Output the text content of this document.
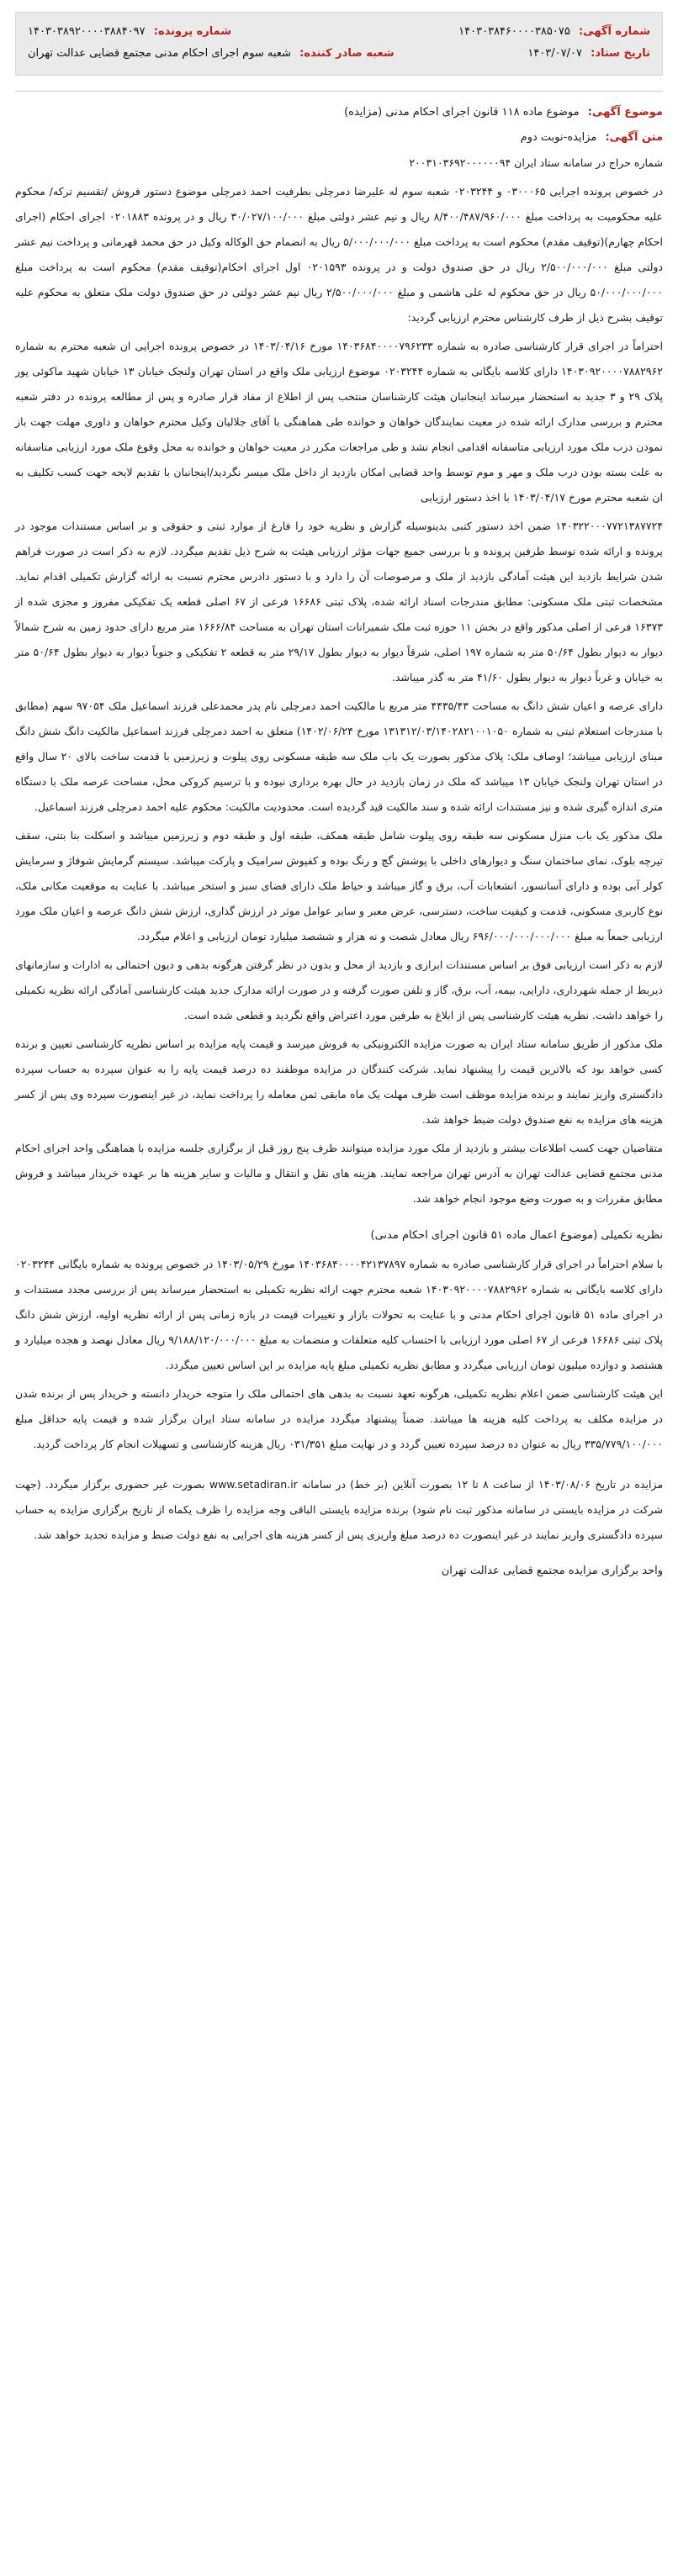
شماره آگهی: ۱۴۰۳۰۳۸۴۶۰۰۰۰۳۸۵۰۷۵
شماره پرونده: ۱۴۰۳۰۳۸۹۲۰۰۰۰۳۸۸۴۰۹۷
تاریخ ستاد: ۱۴۰۳/۰۷/۰۷
شعبه صادر کننده: شعبه سوم اجرای احکام مدنی مجتمع قضایی عدالت تهران
موضوع آگهی: موضوع ماده ۱۱۸ قانون اجرای احکام مدنی (مزایده)
متن آگهی: مزایده-نوبت دوم

شماره حراج در سامانه ستاد ایران ۲۰۰۳۱۰۳۶۹۲۰۰۰۰۰۰۹۴

در خصوص پرونده اجرایی ۰۳۰۰۰۶۵ و ۰۲۰۳۲۴۴ شعبه سوم له علیرضا دمرچلی بطرفیت احمد دمرچلی موضوع دستور فروش /تقسیم ترکه/ محکوم علیه محکومیت به پرداخت مبلغ ۸/۴۰۰/۴۸۷/۹۶۰/۰۰۰ ریال و نیم عشر دولتی مبلغ ۳۰/۰۲۷/۱۰۰/۰۰۰ ریال و در پرونده ۰۲۰۱۸۸۳ اجرای احکام (اجرای احکام چهارم)(توقیف مقدم) محکوم است به پرداخت مبلغ ۵/۰۰۰/۰۰۰/۰۰۰ ریال به انضمام حق الوکاله وکیل در حق محمد قهرمانی و پرداخت نیم عشر دولتی مبلغ ۲/۵۰۰/۰۰۰/۰۰۰ ریال در حق صندوق دولت و در پرونده ۰۲۰۱۵۹۳ اول اجرای احکام(توقیف مقدم) محکوم است به پرداخت مبلغ ۵۰/۰۰۰/۰۰۰/۰۰۰ ریال در حق محکوم له علی هاشمی و مبلغ ۲/۵۰۰/۰۰۰/۰۰۰ ریال نیم عشر دولتی در حق صندوق دولت ملک متعلق به محکوم علیه توقیف بشرح ذیل از طرف کارشناس محترم ارزیابی گردید:

احتراماً در اجرای قرار کارشناسی صادره به شماره ۱۴۰۳۶۸۴۰۰۰۰۷۹۶۲۳۳ مورخ ۱۴۰۳/۰۴/۱۶ در خصوص پرونده اجرایی ان شعبه محترم به شماره ۱۴۰۳۰۹۲۰۰۰۰۷۸۸۲۹۶۲ دارای کلاسه بایگانی به شماره ۰۲۰۳۲۴۴ موضوع ارزیابی ملک واقع در استان تهران ولنجک خیابان ۱۳ خیابان شهید ماکوئی پور پلاک ۲۹ و ۳ جدید به استحضار میرساند اینجانبان هیئت کارشناسان منتخب پس از اطلاع از مفاد قرار صادره و پس از مطالعه پرونده در دفتر شعبه محترم و بررسی مدارک ارائه شده در معیت نمایندگان خواهان و خوانده طی هماهنگی با آقای جلالیان وکیل محترم خواهان و داوری مهلت جهت باز نمودن درب ملک مورد ارزیابی متاسفانه اقدامی انجام نشد و طی مراجعات مکرر در معیت خواهان و خوانده به محل وقوع ملک مورد ارزیابی متاسفانه به علت بسته بودن درب ملک و مهر و موم توسط واحد قضایی امکان بازدید از داخل ملک میسر نگردید/اینجانبان با تقدیم لایحه جهت کسب تکلیف به ان شعبه محترم مورخ ۱۴۰۳/۰۴/۱۷ با اخذ دستور ارزیابی

۱۴۰۳۲۲۰۰۰۷۷۲۱۳۸۷۷۲۴ ضمن اخذ دستور کتبی بدینوسیله گزارش و نظریه خود را فارغ از موارد ثبتی و حقوقی و بر اساس مستندات موجود در پرونده و ارائه شده توسط طرفین پرونده و با بررسی جمیع جهات مؤثر ارزیابی هیئت به شرح ذیل تقدیم میگردد. لازم به ذکر است در صورت فراهم شدن شرایط بازدید این هیئت آمادگی بازدید از ملک و مرصوصات آن را دارد و با دستور دادرس محترم نسبت به ارائه گزارش تکمیلی اقدام نماید. مشخصات ثبتی ملک مسکونی: مطابق مندرجات اسناد ارائه شده، پلاک ثبتی ۱۶۶۸۶ فرعی از ۶۷ اصلی قطعه یک تفکیکی مفروز و مجزی شده از ۱۶۳۷۳ فرعی از اصلی مذکور واقع در بخش ۱۱ حوزه ثبت ملک شمیرانات استان تهران به مساحت ۱۶۶۶/۸۴ متر مربع دارای حدود زمین به شرح شمالاً دیوار به دیوار بطول ۵۰/۶۴ متر به شماره ۱۹۷ اصلی، شرقاً دیوار به دیوار بطول ۲۹/۱۷ متر به قطعه ۲ تفکیکی و جنوباً دیوار به دیوار بطول ۵۰/۶۴ متر به خیابان و غرباً دیوار به دیوار بطول ۴۱/۶۰ متر به گذر میباشد.

دارای عرصه و اعیان شش دانگ به مساحت ۴۴۳۵/۴۳ متر مربع با مالکیت احمد دمرچلی نام پدر محمدعلی فرزند اسماعیل ملک ۹۷۰۵۴ سهم (مطابق با مندرجات استعلام ثبتی به شماره ۱۳۱۳۱۲/۰۳/۱۴۰۲۸۲۱۰۰۱۰۵۰ مورخ ۱۴۰۲/۰۶/۲۴) متعلق به احمد دمرچلی فرزند اسماعیل مالکیت دانگ شش دانگ مبنای ارزیابی میباشد؛ اوصاف ملک: پلاک مذکور بصورت یک باب ملک سه طبقه مسکونی روی پیلوت و زیرزمین با قدمت ساخت بالای ۲۰ سال واقع در استان تهران ولنجک خیابان ۱۳ میباشد که ملک در زمان بازدید در حال بهره برداری نبوده و با ترسیم کروکی محل، مساحت عرصه ملک با دستگاه متری اندازه گیری شده و نیز مستندات ارائه شده و سند مالکیت قید گردیده است. محدودیت مالکیت: محکوم علیه احمد دمرچلی فرزند اسماعیل.

ملک مذکور یک باب منزل مسکونی سه طبقه روی پیلوت شامل طبقه همکف، طبقه اول و طبقه دوم و زیرزمین میباشد و اسکلت بنا بتنی، سقف تیرچه بلوک، نمای ساختمان سنگ و دیوارهای داخلی با پوشش گچ و رنگ بوده و کفپوش سرامیک و پارکت میباشد. سیستم گرمایش شوفاژ و سرمایش کولر آبی بوده و دارای آسانسور، انشعابات آب، برق و گاز میباشد و حیاط ملک دارای فضای سبز و استخر میباشد. با عنایت به موقعیت مکانی ملک، نوع کاربری مسکونی، قدمت و کیفیت ساخت، دسترسی، عرض معبر و سایر عوامل موثر در ارزش گذاری، ارزش شش دانگ عرصه و اعیان ملک مورد ارزیابی جمعاً به مبلغ ۶۹۶/۰۰۰/۰۰۰/۰۰۰/۰۰۰ ریال معادل شصت و نه هزار و ششصد میلیارد تومان ارزیابی و اعلام میگردد.

لازم به ذکر است ارزیابی فوق بر اساس مستندات ابرازی و بازدید از محل و بدون در نظر گرفتن هرگونه بدهی و دیون احتمالی به ادارات و سازمانهای ذیربط از جمله شهرداری، دارایی، بیمه، آب، برق، گاز و تلفن صورت گرفته و در صورت ارائه مدارک جدید هیئت کارشناسی آمادگی ارائه نظریه تکمیلی را خواهد داشت. نظریه هیئت کارشناسی پس از ابلاغ به طرفین مورد اعتراض واقع نگردید و قطعی شده است.

ملک مذکور از طریق سامانه ستاد ایران به صورت مزایده الکترونیکی به فروش میرسد و قیمت پایه مزایده بر اساس نظریه کارشناسی تعیین و برنده کسی خواهد بود که بالاترین قیمت را پیشنهاد نماید. شرکت کنندگان در مزایده موظفند ده درصد قیمت پایه را به عنوان سپرده به حساب سپرده دادگستری واریز نمایند و برنده مزایده موظف است ظرف مهلت یک ماه مابقی ثمن معامله را پرداخت نماید، در غیر اینصورت سپرده وی پس از کسر هزینه های مزایده به نفع صندوق دولت ضبط خواهد شد.

متقاضیان جهت کسب اطلاعات بیشتر و بازدید از ملک مورد مزایده میتوانند ظرف پنج روز قبل از برگزاری جلسه مزایده با هماهنگی واحد اجرای احکام مدنی مجتمع قضایی عدالت تهران به آدرس تهران مراجعه نمایند. هزینه های نقل و انتقال و مالیات و سایر هزینه ها بر عهده خریدار میباشد و فروش مطابق مقررات و به صورت وضع موجود انجام خواهد شد.

نظریه تکمیلی (موضوع اعمال ماده ۵۱ قانون اجرای احکام مدنی)

با سلام احتراماً در اجرای قرار کارشناسی صادره به شماره ۱۴۰۳۶۸۴۰۰۰۰۴۲۱۳۷۸۹۷ مورخ ۱۴۰۳/۰۵/۲۹ در خصوص پرونده به شماره بایگانی ۰۲۰۳۲۴۴ دارای کلاسه بایگانی به شماره ۱۴۰۳۰۹۲۰۰۰۰۷۸۸۲۹۶۲ شعبه محترم جهت ارائه نظریه تکمیلی به استحضار میرساند پس از بررسی مجدد مستندات و در اجرای ماده ۵۱ قانون اجرای احکام مدنی و با عنایت به تحولات بازار و تغییرات قیمت در بازه زمانی پس از ارائه نظریه اولیه، ارزش شش دانگ پلاک ثبتی ۱۶۶۸۶ فرعی از ۶۷ اصلی مورد ارزیابی با احتساب کلیه متعلقات و منضمات به مبلغ ۹/۱۸۸/۱۲۰/۰۰۰/۰۰۰ ریال معادل نهصد و هجده میلیارد و هشتصد و دوازده میلیون تومان ارزیابی میگردد و مطابق نظریه تکمیلی مبلغ پایه مزایده بر این اساس تعیین میگردد.

این هیئت کارشناسی ضمن اعلام نظریه تکمیلی، هرگونه تعهد نسبت به بدهی های احتمالی ملک را متوجه خریدار دانسته و خریدار پس از برنده شدن در مزایده مکلف به پرداخت کلیه هزینه ها میباشد. ضمناً پیشنهاد میگردد مزایده در سامانه ستاد ایران برگزار شده و قیمت پایه حداقل مبلغ ۳۳۵/۷۷۹/۱۰۰/۰۰۰ ریال به عنوان ده درصد سپرده تعیین گردد و در نهایت مبلغ ۰۳۱/۳۵۱ ریال هزینه کارشناسی و تسهیلات انجام کار پرداخت گردید.

مزایده در تاریخ ۱۴۰۳/۰۸/۰۶ از ساعت ۸ تا ۱۲ بصورت آنلاین (بر خط) در سامانه www.setadiran.ir بصورت غیر حضوری برگزار میگردد. (جهت شرکت در مزایده بایستی در سامانه مذکور ثبت نام شود) برنده مزایده بایستی الباقی وجه مزایده را ظرف یکماه از تاریخ برگزاری مزایده به حساب سپرده دادگستری واریز نمایند در غیر اینصورت ده درصد مبلغ واریزی پس از کسر هزینه های اجرایی به نفع دولت ضبط و مزایده تجدید خواهد شد.

واحد برگزاری مزایده مجتمع قضایی عدالت تهران
